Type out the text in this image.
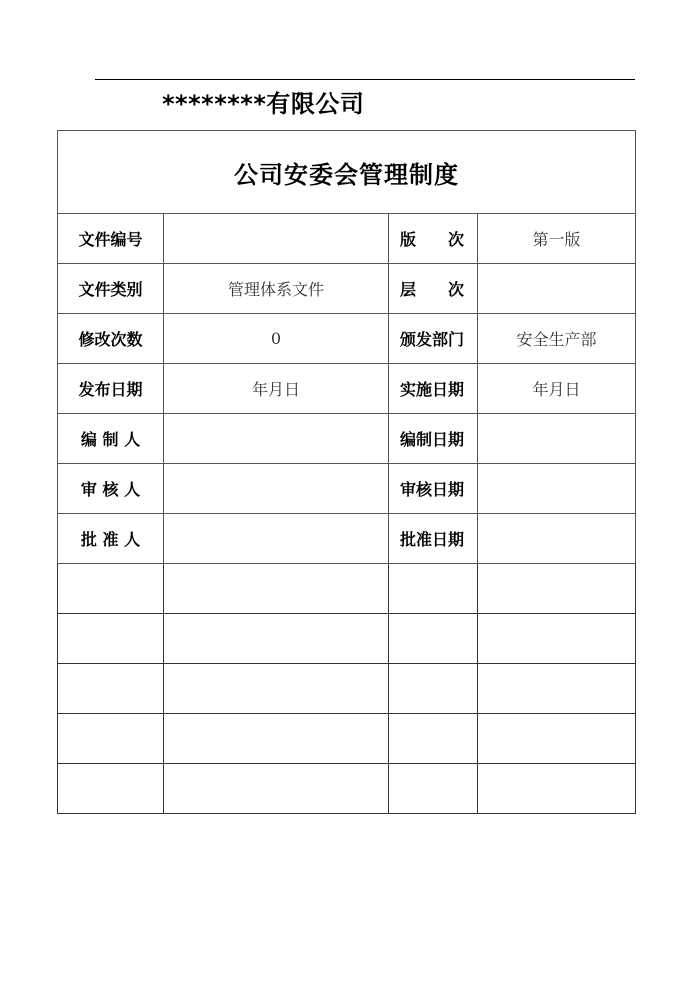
********有限公司
公司安委会管理制度			
文件编号		版　　次	第一版
文件类别	管理体系文件	层　　次	
修改次数	0	颁发部门	安全生产部
发布日期	年月日	实施日期	年月日
编 制 人		编制日期	
审 核 人		审核日期	
批 准 人		批准日期	
